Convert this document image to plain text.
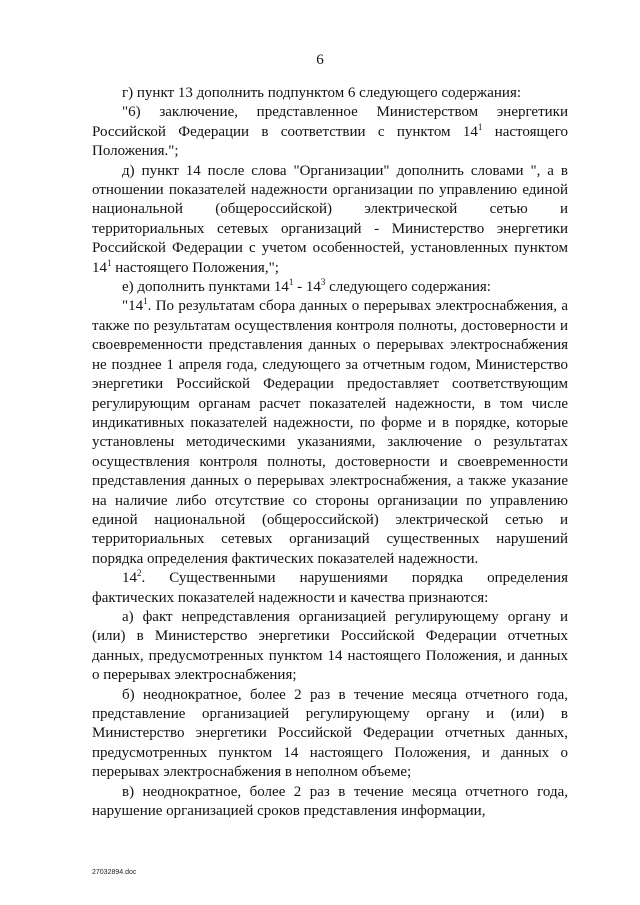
6

г) пункт 13 дополнить подпунктом 6 следующего содержания:

"6) заключение, представленное Министерством энергетики Российской Федерации в соответствии с пунктом $14^1$ настоящего Положения.";

д) пункт 14 после слова "Организации" дополнить словами ", а в отношении показателей надежности организации по управлению единой национальной (общероссийской) электрической сетью и территориальных сетевых организаций - Министерство энергетики Российской Федерации с учетом особенностей, установленных пунктом $14^1$ настоящего Положения,";

е) дополнить пунктами $14^1 - 14^3$ следующего содержания:

"$14^1$. По результатам сбора данных о перерывах электроснабжения, а также по результатам осуществления контроля полноты, достоверности и своевременности представления данных о перерывах электроснабжения не позднее 1 апреля года, следующего за отчетным годом, Министерство энергетики Российской Федерации предоставляет соответствующим регулирующим органам расчет показателей надежности, в том числе индикативных показателей надежности, по форме и в порядке, которые установлены методическими указаниями, заключение о результатах осуществления контроля полноты, достоверности и своевременности представления данных о перерывах электроснабжения, а также указание на наличие либо отсутствие со стороны организации по управлению единой национальной (общероссийской) электрической сетью и территориальных сетевых организаций существенных нарушений порядка определения фактических показателей надежности.

$14^2$. Существенными нарушениями порядка определения фактических показателей надежности и качества признаются:

а) факт непредставления организацией регулирующему органу и (или) в Министерство энергетики Российской Федерации отчетных данных, предусмотренных пунктом 14 настоящего Положения, и данных о перерывах электроснабжения;

б) неоднократное, более 2 раз в течение месяца отчетного года, представление организацией регулирующему органу и (или) в Министерство энергетики Российской Федерации отчетных данных, предусмотренных пунктом 14 настоящего Положения, и данных о перерывах электроснабжения в неполном объеме;

в) неоднократное, более 2 раз в течение месяца отчетного года, нарушение организацией сроков представления информации,

27032894.doc
